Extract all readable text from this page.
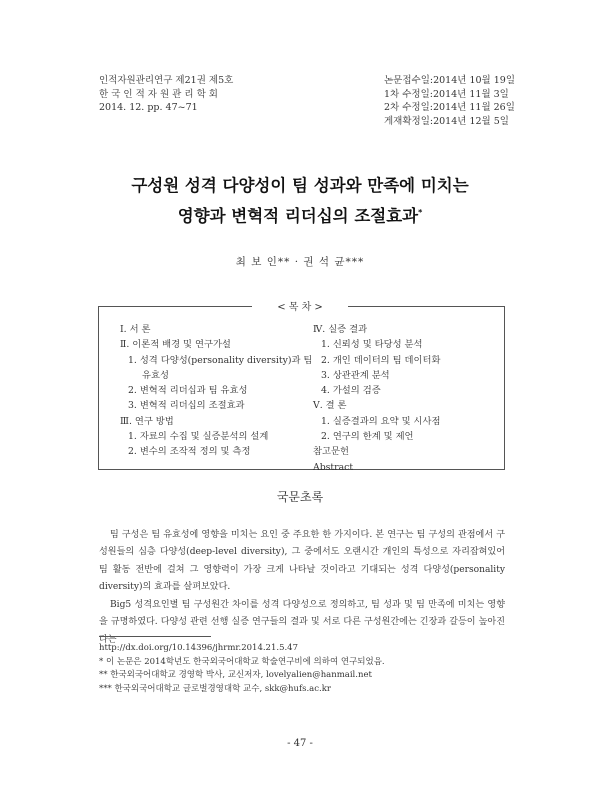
인적자원관리연구 제21권 제5호
한 국 인 적 자 원 관 리 학 회
2014. 12. pp. 47~71
논문접수일: 2014년 10월 19일
1차 수정일: 2014년 11월 3일
2차 수정일: 2014년 11월 26일
게재확정일: 2014년 12월 5일
구성원 성격 다양성이 팀 성과와 만족에 미치는
영향과 변혁적 리더십의 조절효과*
최 보 인** · 권 석 균***
< 목 차 >
Ⅰ. 서 론
Ⅱ. 이론적 배경 및 연구가설
1. 성격 다양성(personality diversity)과 팀
유효성
2. 변혁적 리더십과 팀 유효성
3. 변혁적 리더십의 조절효과
Ⅲ. 연구 방법
1. 자료의 수집 및 실증분석의 설계
2. 변수의 조작적 정의 및 측정
Ⅳ. 실증 결과
1. 신뢰성 및 타당성 분석
2. 개인 데이터의 팀 데이터화
3. 상관관계 분석
4. 가설의 검증
Ⅴ. 결 론
1. 실증결과의 요약 및 시사점
2. 연구의 한계 및 제언
참고문헌
Abstract
국문초록
팀 구성은 팀 유효성에 영향을 미치는 요인 중 주요한 한 가지이다. 본 연구는 팀 구성의 관점에서 구성원들의 심층 다양성(deep-level diversity), 그 중에서도 오랜시간 개인의 특성으로 자리잡혀있어 팀 활동 전반에 걸쳐 그 영향력이 가장 크게 나타날 것이라고 기대되는 성격 다양성(personality diversity)의 효과를 살펴보았다.
Big5 성격요인별 팀 구성원간 차이를 성격 다양성으로 정의하고, 팀 성과 및 팀 만족에 미치는 영향을 규명하였다. 다양성 관련 선행 실증 연구들의 결과 및 서로 다른 구성원간에는 긴장과 갈등이 높아진다는
http://dx.doi.org/10.14396/jhrmr.2014.21.5.47
* 이 논문은 2014학년도 한국외국어대학교 학술연구비에 의하여 연구되었음.
** 한국외국어대학교 경영학 박사, 교신저자, lovelyalien@hanmail.net
*** 한국외국어대학교 글로벌경영대학 교수, skk@hufs.ac.kr
- 47 -
